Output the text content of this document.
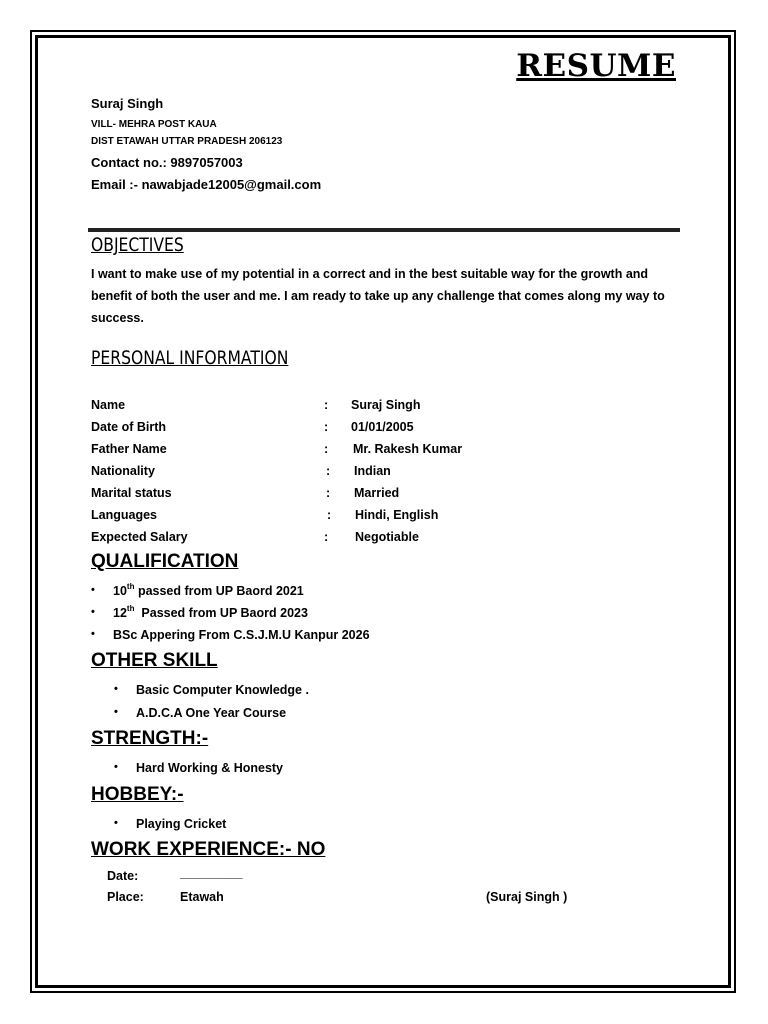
RESUME
Suraj Singh
VILL- MEHRA POST KAUA
DIST ETAWAH UTTAR PRADESH 206123
Contact no.: 9897057003
Email :- nawabjade12005@gmail.com
OBJECTIVES
I want to make use of my potential in a correct and in the best suitable way for the growth and benefit of both the user and me. I am ready to take up any challenge that comes along my way to success.
PERSONAL INFORMATION
Name	: Suraj Singh
Date of Birth	: 01/01/2005
Father Name	: Mr. Rakesh Kumar
Nationality	: Indian
Marital status	: Married
Languages	: Hindi, English
Expected Salary	: Negotiable
QUALIFICATION
• 10th passed from UP Baord 2021
• 12th  Passed from UP Baord 2023
• BSc Appering From C.S.J.M.U Kanpur 2026
OTHER SKILL
• Basic Computer Knowledge .
• A.D.C.A One Year Course
STRENGTH:-
• Hard Working & Honesty
HOBBEY:-
• Playing Cricket
WORK EXPERIENCE:- NO
Date:	_________
Place:	Etawah	(Suraj Singh )
